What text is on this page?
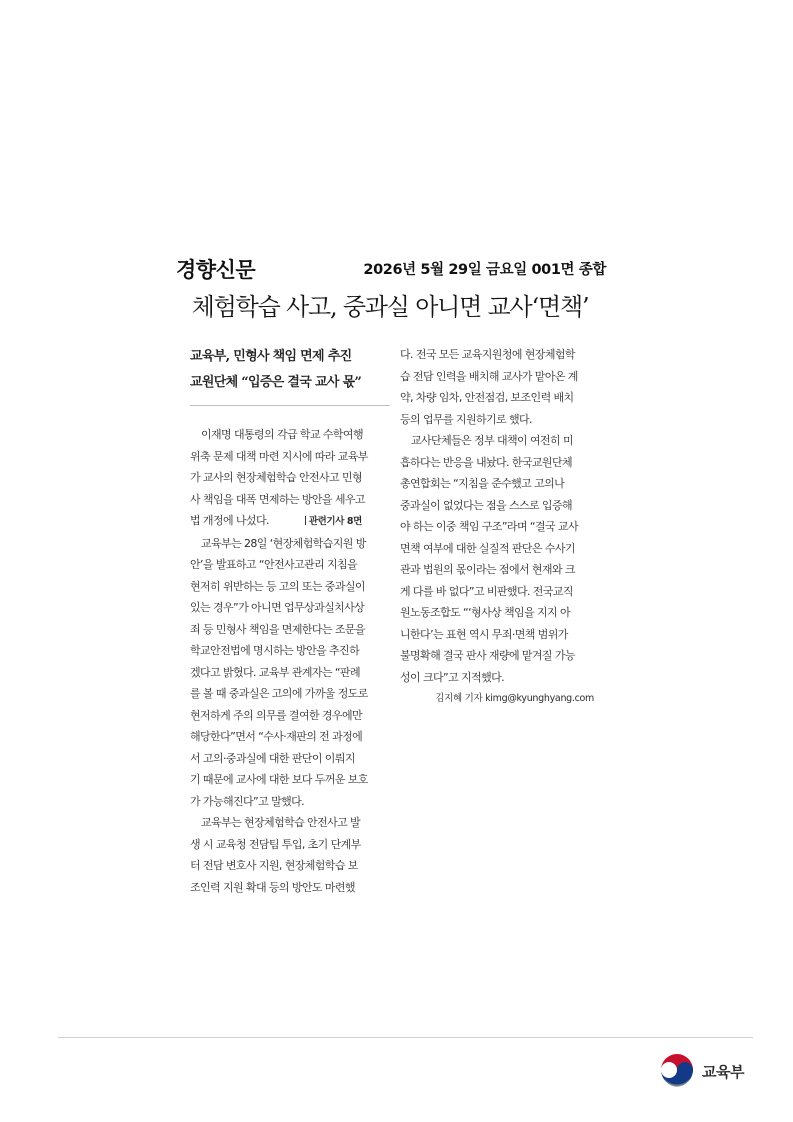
경향신문	2026년 5월 29일 금요일 001면 종합
체험학습 사고, 중과실 아니면 교사‘면책’
교육부, 민형사 책임 면제 추진
교원단체 “입증은 결국 교사 몫”

이재명 대통령의 각급 학교 수학여행

위축 문제 대책 마련 지시에 따라 교육부

가 교사의 현장체험학습 안전사고 민형

사 책임을 대폭 면제하는 방안을 세우고

법 개정에 나섰다.	관련기사 8면

교육부는 28일 ‘현장체험학습지원 방

안’을 발표하고 “안전사고관리 지침을

현저히 위반하는 등 고의 또는 중과실이

있는 경우”가 아니면 업무상과실치사상

죄 등 민형사 책임을 면제한다는 조문을

학교안전법에 명시하는 방안을 추진하

겠다고 밝혔다. 교육부 관계자는 “판례

를 볼 때 중과실은 고의에 가까울 정도로

현저하게 주의 의무를 결여한 경우에만

해당한다”면서 “수사·재판의 전 과정에

서 고의·중과실에 대한 판단이 이뤄지

기 때문에 교사에 대한 보다 두꺼운 보호

가 가능해진다”고 말했다.

교육부는 현장체험학습 안전사고 발

생 시 교육청 전담팀 투입, 초기 단계부

터 전담 변호사 지원, 현장체험학습 보

조인력 지원 확대 등의 방안도 마련했

다. 전국 모든 교육지원청에 현장체험학

습 전담 인력을 배치해 교사가 맡아온 계

약, 차량 임차, 안전점검, 보조인력 배치

등의 업무를 지원하기로 했다.

교사단체들은 정부 대책이 여전히 미

흡하다는 반응을 내놨다. 한국교원단체

총연합회는 “지침을 준수했고 고의나

중과실이 없었다는 점을 스스로 입증해

야 하는 이중 책임 구조”라며 “결국 교사

면책 여부에 대한 실질적 판단은 수사기

관과 법원의 몫이라는 점에서 현재와 크

게 다를 바 없다”고 비판했다. 전국교직

원노동조합도 “‘형사상 책임을 지지 아

니한다’는 표현 역시 무죄·면책 범위가

불명확해 결국 판사 재량에 맡겨질 가능

성이 크다”고 지적했다.

김지혜 기자 kimg@kyunghyang.com

교육부
